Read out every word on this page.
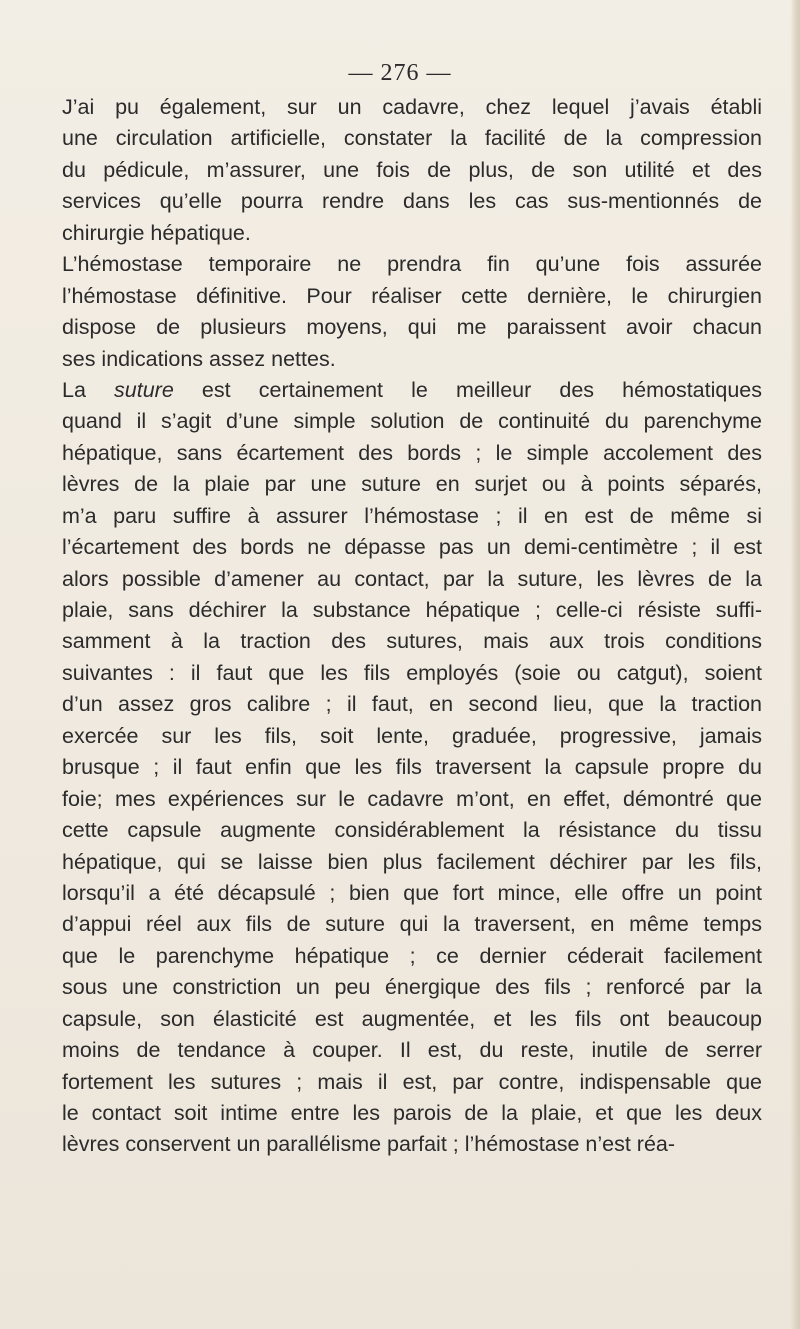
— 276 —

J’ai pu également, sur un cadavre, chez lequel j’avais établi
une circulation artificielle, constater la facilité de la compression
du pédicule, m’assurer, une fois de plus, de son utilité et des
services qu’elle pourra rendre dans les cas sus-mentionnés de
chirurgie hépatique.

L’hémostase temporaire ne prendra fin qu’une fois assurée
l’hémostase définitive. Pour réaliser cette dernière, le chirurgien
dispose de plusieurs moyens, qui me paraissent avoir chacun
ses indications assez nettes.

La suture est certainement le meilleur des hémostatiques
quand il s’agit d’une simple solution de continuité du parenchyme
hépatique, sans écartement des bords ; le simple accolement des
lèvres de la plaie par une suture en surjet ou à points séparés,
m’a paru suffire à assurer l’hémostase ; il en est de même si
l’écartement des bords ne dépasse pas un demi-centimètre ; il est
alors possible d’amener au contact, par la suture, les lèvres de la
plaie, sans déchirer la substance hépatique ; celle-ci résiste suffi-
samment à la traction des sutures, mais aux trois conditions
suivantes : il faut que les fils employés (soie ou catgut), soient
d’un assez gros calibre ; il faut, en second lieu, que la traction
exercée sur les fils, soit lente, graduée, progressive, jamais
brusque ; il faut enfin que les fils traversent la capsule propre du
foie; mes expériences sur le cadavre m’ont, en effet, démontré que
cette capsule augmente considérablement la résistance du tissu
hépatique, qui se laisse bien plus facilement déchirer par les fils,
lorsqu’il a été décapsulé ; bien que fort mince, elle offre un point
d’appui réel aux fils de suture qui la traversent, en même temps
que le parenchyme hépatique ; ce dernier céderait facilement
sous une constriction un peu énergique des fils ; renforcé par la
capsule, son élasticité est augmentée, et les fils ont beaucoup
moins de tendance à couper. Il est, du reste, inutile de serrer
fortement les sutures ; mais il est, par contre, indispensable que
le contact soit intime entre les parois de la plaie, et que les deux
lèvres conservent un parallélisme parfait ; l’hémostase n’est réa-
